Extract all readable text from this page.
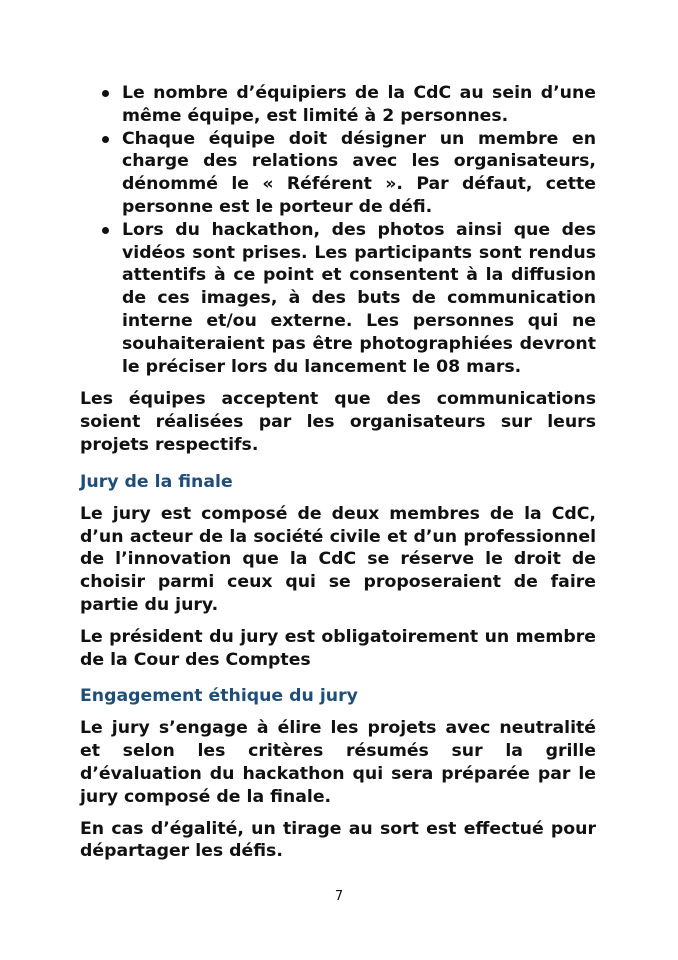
Le nombre d’équipiers de la CdC au sein d’une même équipe, est limité à 2 personnes.
Chaque équipe doit désigner un membre en charge des relations avec les organisateurs, dénommé le « Référent ». Par défaut, cette personne est le porteur de défi.
Lors du hackathon, des photos ainsi que des vidéos sont prises. Les participants sont rendus attentifs à ce point et consentent à la diffusion de ces images, à des buts de communication interne et/ou externe. Les personnes qui ne souhaiteraient pas être photographiées devront le préciser lors du lancement le 08 mars.

Les équipes acceptent que des communications soient réalisées par les organisateurs sur leurs projets respectifs.

Jury de la finale

Le jury est composé de deux membres de la CdC, d’un acteur de la société civile et d’un professionnel de l’innovation que la CdC se réserve le droit de choisir parmi ceux qui se proposeraient de faire partie du jury.

Le président du jury est obligatoirement un membre de la Cour des Comptes

Engagement éthique du jury

Le jury s’engage à élire les projets avec neutralité et selon les critères résumés sur la grille d’évaluation du hackathon qui sera préparée par le jury composé de la finale.

En cas d’égalité, un tirage au sort est effectué pour départager les défis.

7
